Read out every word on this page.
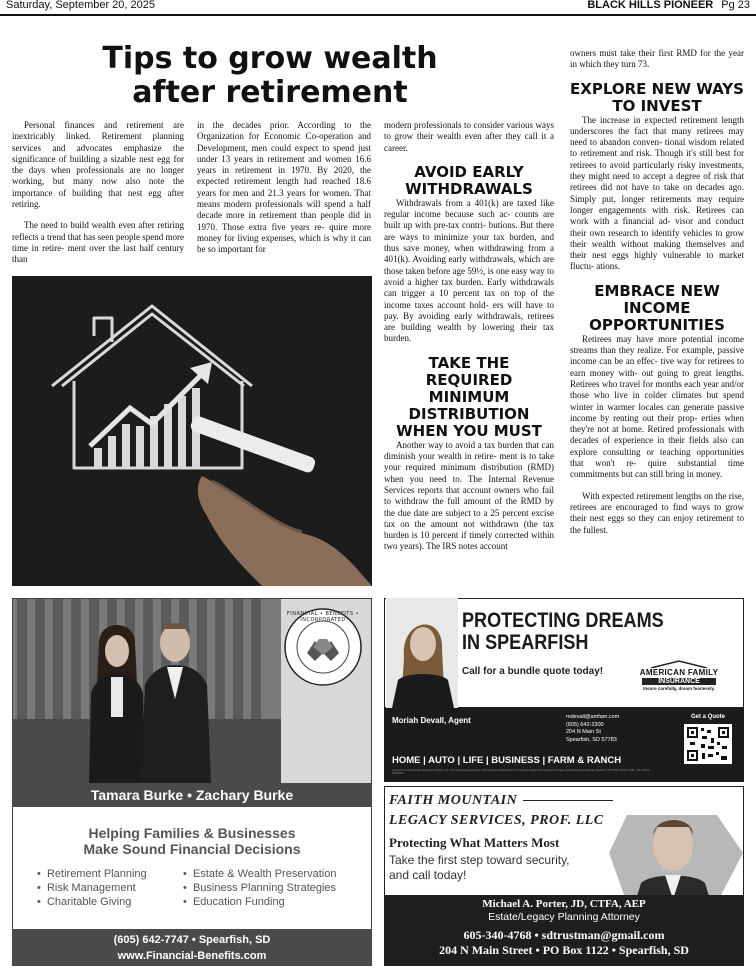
Saturday, September 20, 2025	BLACK HILLS PIONEER Pg 23
Tips to grow wealth
after retirement

Personal finances and retirement are inextricably linked. Retirement planning services and advocates emphasize the significance of building a sizable nest egg for the days when professionals are no longer working, but many now also note the importance of building that nest egg after retiring.

The need to build wealth even after retiring reflects a trend that has seen people spend more time in retire- ment over the last half century than

in the decades prior. According to the Organization for Economic Co-operation and Development, men could expect to spend just under 13 years in retirement and women 16.6 years in retirement in 1970. By 2020, the expected retirement length had reached 18.6 years for men and 21.3 years for women. That means modern professionals will spend a half decade more in retirement than people did in 1970. Those extra five years re- quire more money for living expenses, which is why it can be so important for

modern professionals to consider various ways to grow their wealth even after they call it a career.

AVOID EARLY WITHDRAWALS

Withdrawals from a 401(k) are taxed like regular income because such ac- counts are built up with pre-tax contri- butions. But there are ways to minimize your tax burden, and thus save money, when withdrawing from a 401(k). Avoiding early withdrawals, which are those taken before age 59½, is one easy way to avoid a higher tax burden. Early withdrawals can trigger a 10 percent tax on top of the income taxes account hold- ers will have to pay. By avoiding early withdrawals, retirees are building wealth by lowering their tax burden.

TAKE THE REQUIRED MINIMUM DISTRIBUTION WHEN YOU MUST

Another way to avoid a tax burden that can diminish your wealth in retire- ment is to take your required minimum distribution (RMD) when you need to. The Internal Revenue Services reports that account owners who fail to withdraw the full amount of the RMD by the due date are subject to a 25 percent excise tax on the amount not withdrawn (the tax burden is 10 percent if timely corrected within two years). The IRS notes account

owners must take their first RMD for the year in which they turn 73.

EXPLORE NEW WAYS TO INVEST

The increase in expected retirement length underscores the fact that many retirees may need to abandon conven- tional wisdom related to retirement and risk. Though it's still best for retirees to avoid particularly risky investments, they might need to accept a degree of risk that retirees did not have to take on decades ago. Simply put, longer retirements may require longer engagements with risk. Retirees can work with a financial ad- visor and conduct their own research to identify vehicles to grow their wealth without making themselves and their nest eggs highly vulnerable to market fluctu- ations.

EMBRACE NEW INCOME OPPORTUNITIES

Retirees may have more potential income streams than they realize. For example, passive income can be an effec- tive way for retirees to earn money with- out going to great lengths. Retirees who travel for months each year and/or those who live in colder climates but spend winter in warmer locales can generate passive income by renting out their prop- erties when they're not at home. Retired professionals with decades of experience in their fields also can explore consulting or teaching opportunities that won't re- quire substantial time commitments but can still bring in money.

With expected retirement lengths on the rise, retirees are encouraged to find ways to grow their nest eggs so they can enjoy retirement to the fullest.

FINANCIAL • BENEFITS • INCORPORATED
Tamara Burke • Zachary Burke
Helping Families & Businesses
Make Sound Financial Decisions
•  Retirement Planning
•  Risk Management
•  Charitable Giving
•  Estate & Wealth Preservation
•  Business Planning Strategies
•  Education Funding
(605) 642-7747 • Spearfish, SD
www.Financial-Benefits.com
PROTECTING DREAMS
IN SPEARFISH
Call for a bundle quote today!	AMERICAN FAMILY
INSURANCE
Insure carefully, dream fearlessly.
Moriah Devall, Agent	mdevall@amfam.com
(605) 642-2300
204 N Main St
Spearfish, SD 57783
Get a Quote
HOME | AUTO | LIFE | BUSINESS | FARM & RANCH
American Family Mutual Insurance Company, S.I. & its Operating Companies, Life insurance underwritten by American Family Life Insurance Company, 6000 American Parkway, Madison, WI 53783 ©2024 17131 - Rev. 05/24 - 28364530
FAITH MOUNTAIN
LEGACY SERVICES, PROF. LLC
Protecting What Matters Most
Take the first step toward security,
and call today!
Michael A. Porter, JD, CTFA, AEP
Estate/Legacy Planning Attorney
605-340-4768 • sdtrustman@gmail.com
204 N Main Street • PO Box 1122 • Spearfish, SD
